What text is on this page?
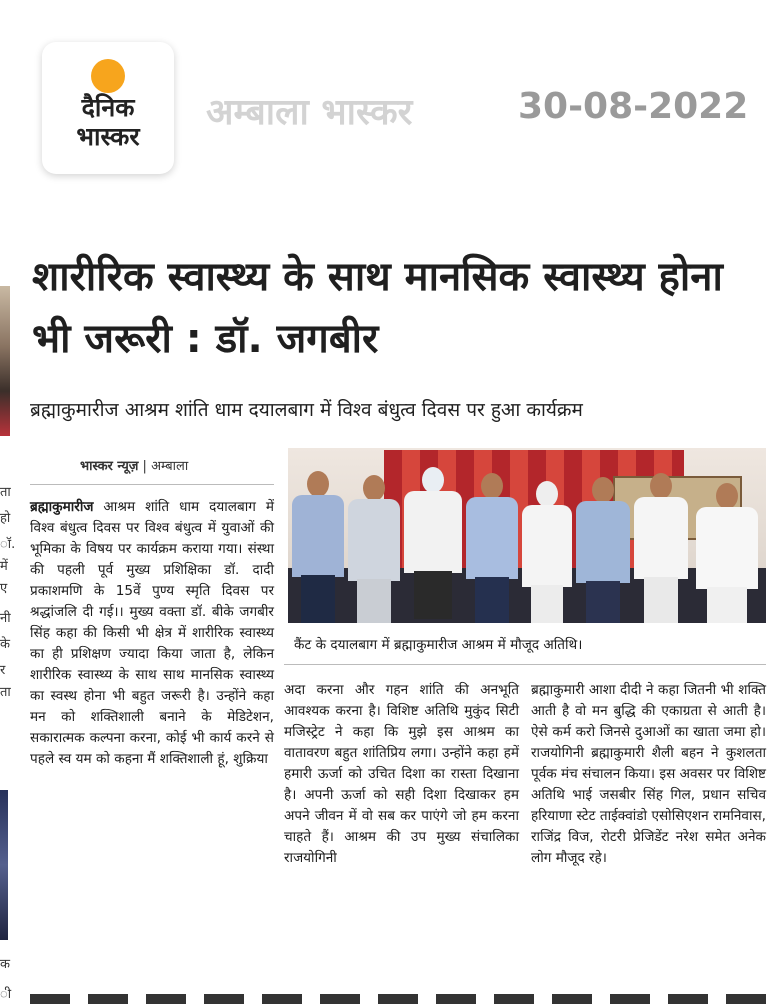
दैनिक
भास्कर
अम्बाला भास्कर	30-08-2022
ता
हो
ॉ.
में
ए
नी
के
र
ता
क
ी
शारीरिक स्वास्थ्य के साथ मानसिक स्वास्थ्य होना भी जरूरी : डॉ. जगबीर
ब्रह्माकुमारीज आश्रम शांति धाम दयालबाग में विश्व बंधुत्व दिवस पर हुआ कार्यक्रम
भास्कर न्यूज़ | अम्बाला

ब्रह्माकुमारीज आश्रम शांति धाम दयालबाग में विश्व बंधुत्व दिवस पर विश्व बंधुत्व में युवाओं की भूमिका के विषय पर कार्यक्रम कराया गया। संस्था की पहली पूर्व मुख्य प्रशिक्षिका डॉ. दादी प्रकाशमणि के 15वें पुण्य स्मृति दिवस पर श्रद्धांजलि दी गई।। मुख्य वक्ता डॉ. बीके जगबीर सिंह कहा की किसी भी क्षेत्र में शारीरिक स्वास्थ्य का ही प्रशिक्षण ज्यादा किया जाता है, लेकिन शारीरिक स्वास्थ्य के साथ साथ मानसिक स्वास्थ्य का स्वस्थ होना भी बहुत जरूरी है। उन्होंने कहा मन को शक्तिशाली बनाने के मेडिटेशन, सकारात्मक कल्पना करना, कोई भी कार्य करने से पहले स्व यम को कहना मैं शक्तिशाली हूं, शुक्रिया

कैंट के दयालबाग में ब्रह्माकुमारीज आश्रम में मौजूद अतिथि।

अदा करना और गहन शांति की अनभूति आवश्यक करना है। विशिष्ट अतिथि मुकुंद सिटी मजिस्ट्रेट ने कहा कि मुझे इस आश्रम का वातावरण बहुत शांतिप्रिय लगा। उन्होंने कहा हमें हमारी ऊर्जा को उचित दिशा का रास्ता दिखाना है। अपनी ऊर्जा को सही दिशा दिखाकर हम अपने जीवन में वो सब कर पाएंगे जो हम करना चाहते हैं। आश्रम की उप मुख्य संचालिका राजयोगिनी

ब्रह्माकुमारी आशा दीदी ने कहा जितनी भी शक्ति आती है वो मन बुद्धि की एकाग्रता से आती है। ऐसे कर्म करो जिनसे दुआओं का खाता जमा हो। राजयोगिनी ब्रह्माकुमारी शैली बहन ने कुशलता पूर्वक मंच संचालन किया। इस अवसर पर विशिष्ट अतिथि भाई जसबीर सिंह गिल, प्रधान सचिव हरियाणा स्टेट ताईक्वांडो एसोसिएशन रामनिवास, राजिंद्र विज, रोटरी प्रेजिडेंट नरेश समेत अनेक लोग मौजूद रहे।
